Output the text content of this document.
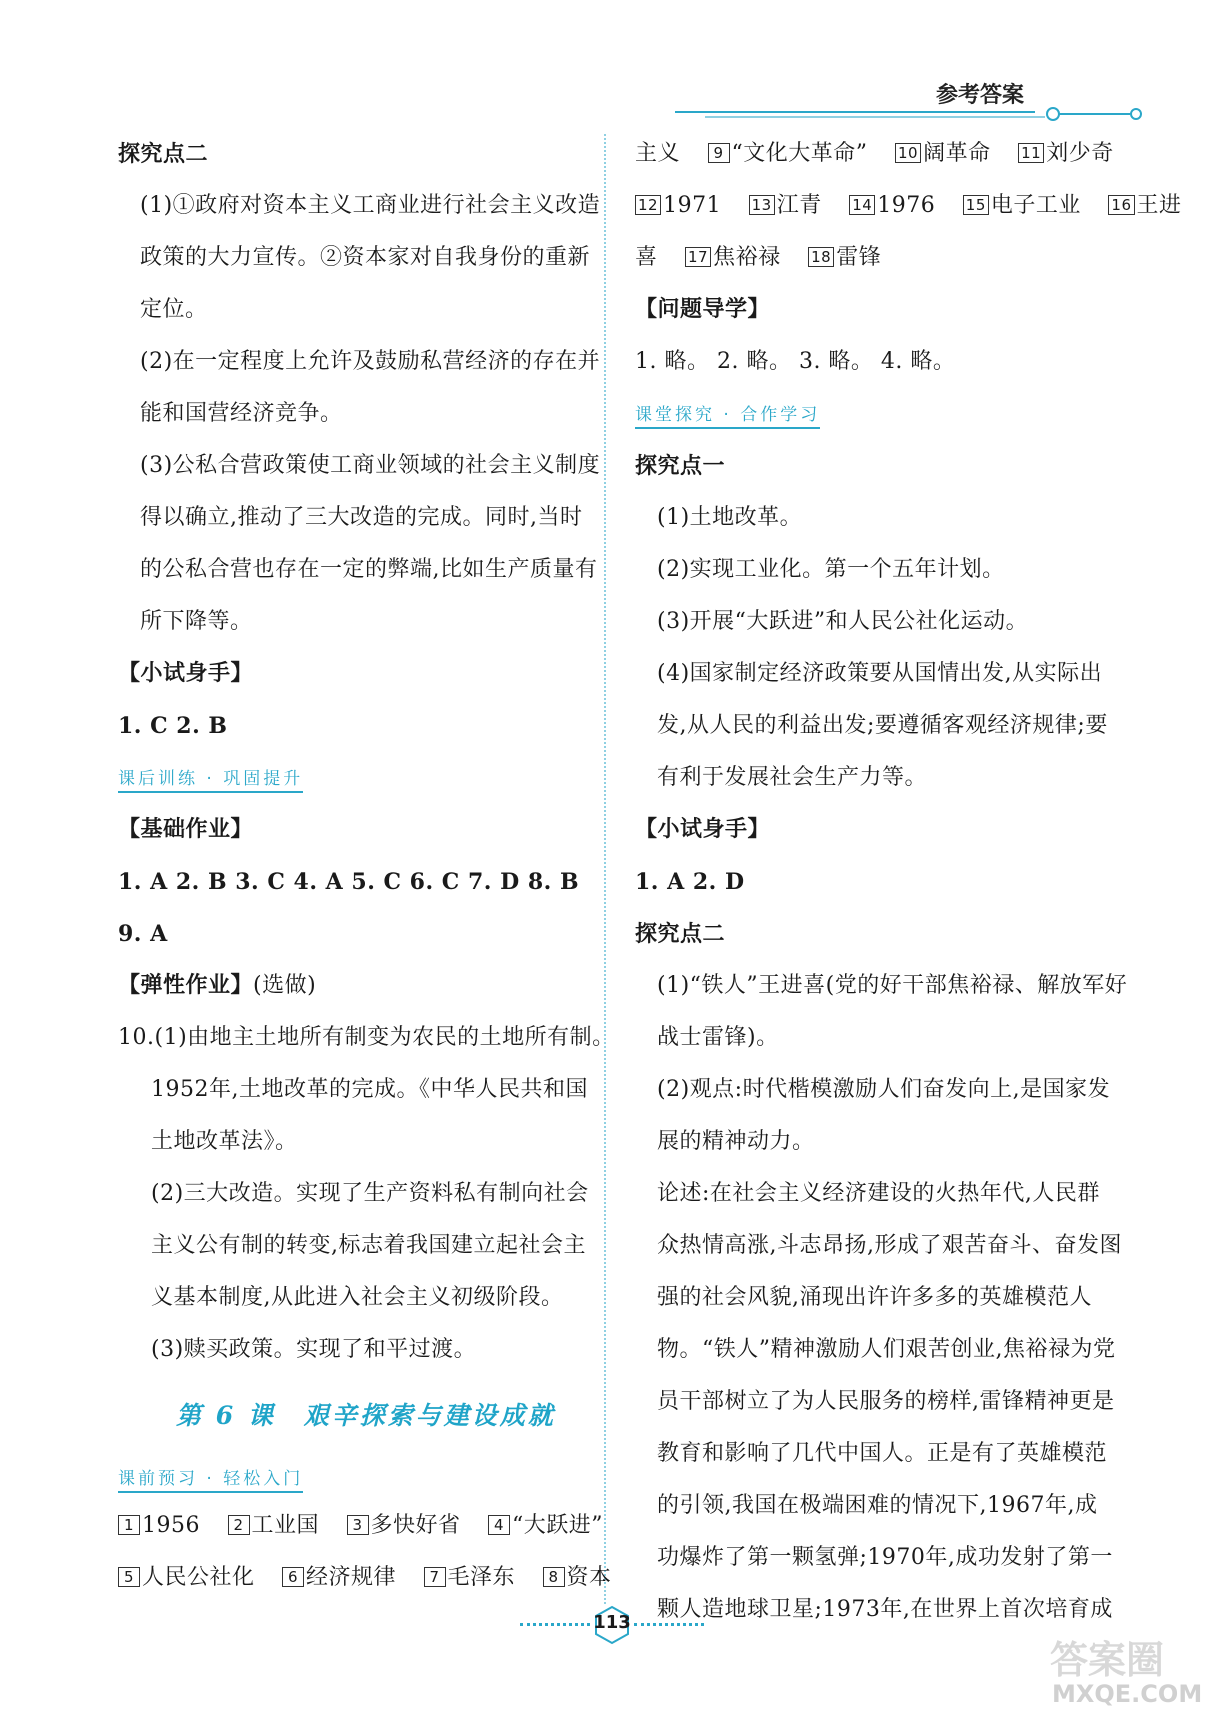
参考答案
探究点二
(1)①政府对资本主义工商业进行社会主义改造
政策的大力宣传。②资本家对自我身份的重新
定位。
(2)在一定程度上允许及鼓励私营经济的存在并
能和国营经济竞争。
(3)公私合营政策使工商业领域的社会主义制度
得以确立,推动了三大改造的完成。同时,当时
的公私合营也存在一定的弊端,比如生产质量有
所下降等。
【小试身手】
1. C 2. B
课后训练 · 巩固提升
【基础作业】
1. A 2. B 3. C 4. A 5. C 6. C 7. D 8. B
9. A
【弹性作业】(选做)
10.(1)由地主土地所有制变为农民的土地所有制。
1952年,土地改革的完成。《中华人民共和国
土地改革法》。
(2)三大改造。实现了生产资料私有制向社会
主义公有制的转变,标志着我国建立起社会主
义基本制度,从此进入社会主义初级阶段。
(3)赎买政策。实现了和平过渡。
第 6 课　艰辛探索与建设成就
课前预习 · 轻松入门
1 1956 2 工业国 3 多快好省 4 “大跃进”
5 人民公社化 6 经济规律 7 毛泽东 8 资本
主义 9 “文化大革命” 10 阔革命 11 刘少奇
12 1971 13 江青 14 1976 15 电子工业 16 王进
喜 17 焦裕禄 18 雷锋
【问题导学】
1. 略。 2. 略。 3. 略。 4. 略。
课堂探究 · 合作学习
探究点一
(1)土地改革。
(2)实现工业化。第一个五年计划。
(3)开展“大跃进”和人民公社化运动。
(4)国家制定经济政策要从国情出发,从实际出
发,从人民的利益出发;要遵循客观经济规律;要
有利于发展社会生产力等。
【小试身手】
1. A 2. D
探究点二
(1)“铁人”王进喜(党的好干部焦裕禄、解放军好
战士雷锋)。
(2)观点:时代楷模激励人们奋发向上,是国家发
展的精神动力。
论述:在社会主义经济建设的火热年代,人民群
众热情高涨,斗志昂扬,形成了艰苦奋斗、奋发图
强的社会风貌,涌现出许许多多的英雄模范人
物。“铁人”精神激励人们艰苦创业,焦裕禄为党
员干部树立了为人民服务的榜样,雷锋精神更是
教育和影响了几代中国人。正是有了英雄模范
的引领,我国在极端困难的情况下,1967年,成
功爆炸了第一颗氢弹;1970年,成功发射了第一
颗人造地球卫星;1973年,在世界上首次培育成
113
答案圈
MXQE.COM
